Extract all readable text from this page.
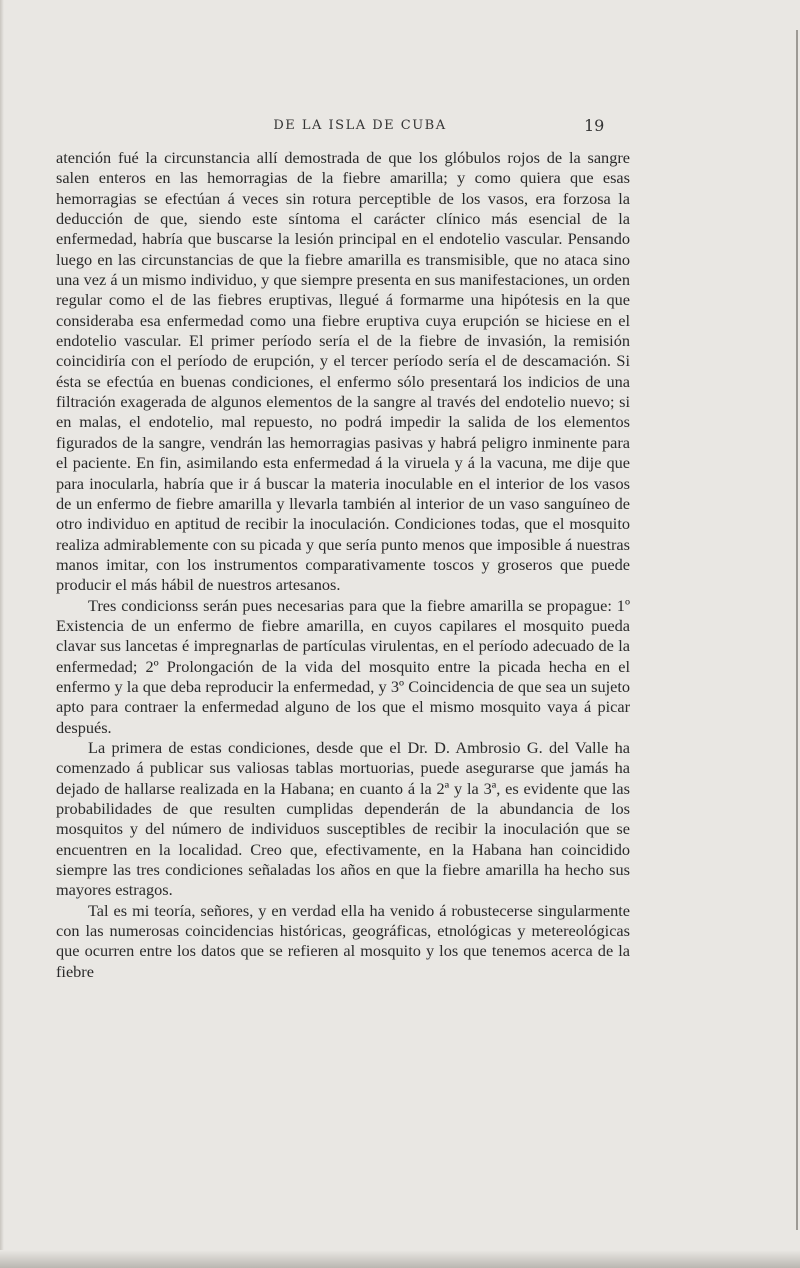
DE LA ISLA DE CUBA	19

atención fué la circunstancia allí demostrada de que los glóbulos rojos de la sangre salen enteros en las hemorragias de la fiebre amarilla; y como quiera que esas hemorragias se efectúan á veces sin rotura perceptible de los vasos, era forzosa la deducción de que, siendo este síntoma el carácter clínico más esencial de la enfermedad, habría que buscarse la lesión principal en el endotelio vascular. Pensando luego en las circunstancias de que la fiebre amarilla es transmisible, que no ataca sino una vez á un mismo individuo, y que siempre presenta en sus manifestaciones, un orden regular como el de las fiebres eruptivas, llegué á formarme una hipótesis en la que consideraba esa enfermedad como una fiebre eruptiva cuya erupción se hiciese en el endotelio vascular. El primer período sería el de la fiebre de invasión, la remisión coincidiría con el período de erupción, y el tercer período sería el de descamación. Si ésta se efectúa en buenas condiciones, el enfermo sólo presentará los indicios de una filtración exagerada de algunos elementos de la sangre al través del endotelio nuevo; si en malas, el endotelio, mal repuesto, no podrá impedir la salida de los elementos figurados de la sangre, vendrán las hemorragias pasivas y habrá peligro inminente para el paciente. En fin, asimilando esta enfermedad á la viruela y á la vacuna, me dije que para inocularla, habría que ir á buscar la materia inoculable en el interior de los vasos de un enfermo de fiebre amarilla y llevarla también al interior de un vaso sanguíneo de otro individuo en aptitud de recibir la inoculación. Condiciones todas, que el mosquito realiza admirablemente con su picada y que sería punto menos que imposible á nuestras manos imitar, con los instrumentos comparativamente toscos y groseros que puede producir el más hábil de nuestros artesanos.

Tres condicionss serán pues necesarias para que la fiebre amarilla se propague: 1º Existencia de un enfermo de fiebre amarilla, en cuyos capilares el mosquito pueda clavar sus lancetas é impregnarlas de partículas virulentas, en el período adecuado de la enfermedad; 2º Prolongación de la vida del mosquito entre la picada hecha en el enfermo y la que deba reproducir la enfermedad, y 3º Coincidencia de que sea un sujeto apto para contraer la enfermedad alguno de los que el mismo mosquito vaya á picar después.

La primera de estas condiciones, desde que el Dr. D. Ambrosio G. del Valle ha comenzado á publicar sus valiosas tablas mortuorias, puede asegurarse que jamás ha dejado de hallarse realizada en la Habana; en cuanto á la 2ª y la 3ª, es evidente que las probabilidades de que resulten cumplidas dependerán de la abundancia de los mosquitos y del número de individuos susceptibles de recibir la inoculación que se encuentren en la localidad. Creo que, efectivamente, en la Habana han coincidido siempre las tres condiciones señaladas los años en que la fiebre amarilla ha hecho sus mayores estragos.

Tal es mi teoría, señores, y en verdad ella ha venido á robustecerse singularmente con las numerosas coincidencias históricas, geográficas, etnológicas y metereológicas que ocurren entre los datos que se refieren al mosquito y los que tenemos acerca de la fiebre
